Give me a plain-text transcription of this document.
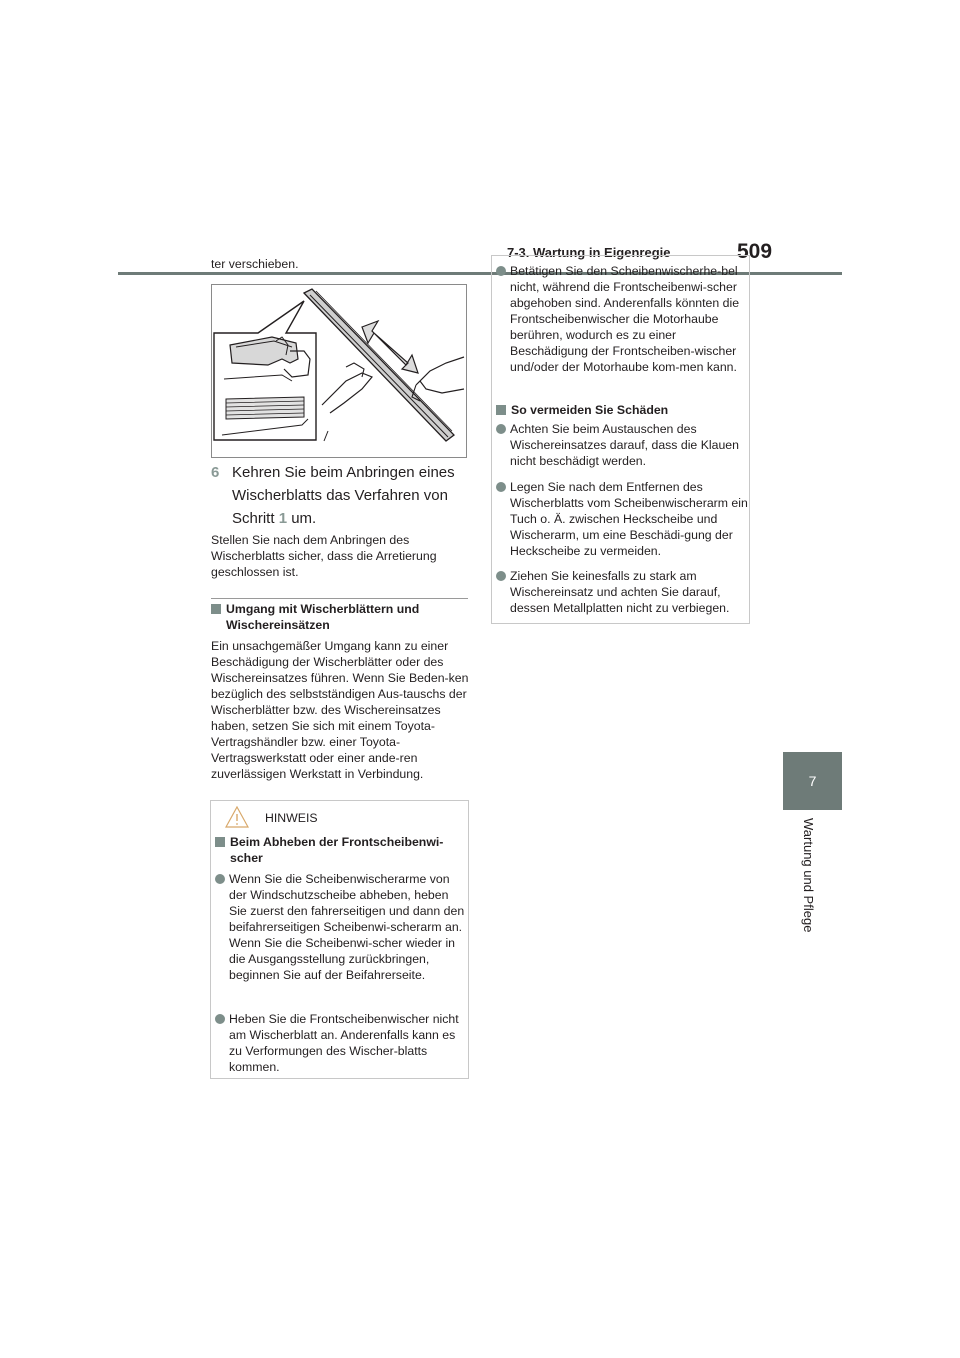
7-3. Wartung in Eigenregie	509
7
Wartung und Pflege

ter verschieben.

6 Kehren Sie beim Anbringen eines Wischerblatts das Verfahren von Schritt 1 um.

Stellen Sie nach dem Anbringen des Wischerblatts sicher, dass die Arretierung geschlossen ist.

Umgang mit Wischerblättern und Wischereinsätzen

Ein unsachgemäßer Umgang kann zu einer Beschädigung der Wischerblätter oder des Wischereinsatzes führen. Wenn Sie Beden-ken bezüglich des selbstständigen Aus-tauschs der Wischerblätter bzw. des Wischereinsatzes haben, setzen Sie sich mit einem Toyota-Vertragshändler bzw. einer Toyota-Vertragswerkstatt oder einer ande-ren zuverlässigen Werkstatt in Verbindung.

HINWEIS
Beim Abheben der Frontscheibenwi-scher
Wenn Sie die Scheibenwischerarme von der Windschutzscheibe abheben, heben Sie zuerst den fahrerseitigen und dann den beifahrerseitigen Scheibenwi-scherarm an. Wenn Sie die Scheibenwi-scher wieder in die Ausgangsstellung zurückbringen, beginnen Sie auf der Beifahrerseite.
Heben Sie die Frontscheibenwischer nicht am Wischerblatt an. Anderenfalls kann es zu Verformungen des Wischer-blatts kommen.
Betätigen Sie den Scheibenwischerhe-bel nicht, während die Frontscheibenwi-scher abgehoben sind. Anderenfalls könnten die Frontscheibenwischer die Motorhaube berühren, wodurch es zu einer Beschädigung der Frontscheiben-wischer und/oder der Motorhaube kom-men kann.
So vermeiden Sie Schäden
Achten Sie beim Austauschen des Wischereinsatzes darauf, dass die Klauen nicht beschädigt werden.
Legen Sie nach dem Entfernen des Wischerblatts vom Scheibenwischerarm ein Tuch o. Ä. zwischen Heckscheibe und Wischerarm, um eine Beschädi-gung der Heckscheibe zu vermeiden.
Ziehen Sie keinesfalls zu stark am Wischereinsatz und achten Sie darauf, dessen Metallplatten nicht zu verbiegen.
